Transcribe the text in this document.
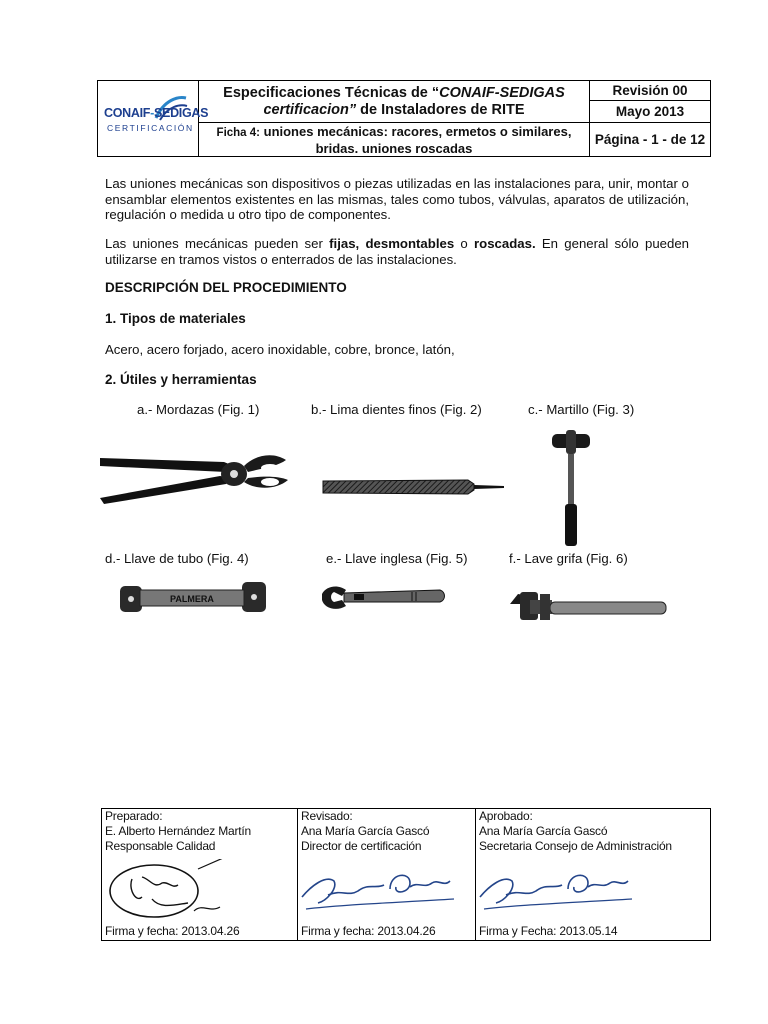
CONAIF-SEDIGAS
CERTIFICACIÓN	Especificaciones Técnicas de “CONAIF-SEDIGAS certificacion” de Instaladores de RITE	Revisión 00
		Mayo 2013
	Ficha 4: uniones mecánicas: racores, ermetos o similares, bridas. uniones roscadas	Página - 1 - de 12
Las uniones mecánicas son dispositivos o piezas utilizadas en las instalaciones para, unir, montar o ensamblar elementos existentes en las mismas, tales como tubos, válvulas, aparatos de utilización, regulación o medida u otro tipo de componentes.
Las uniones mecánicas pueden ser fijas, desmontables o roscadas. En general sólo pueden utilizarse en tramos vistos o enterrados de las instalaciones.
DESCRIPCIÓN DEL PROCEDIMIENTO
1. Tipos de materiales
Acero, acero forjado, acero inoxidable, cobre, bronce, latón,
2. Útiles y herramientas
a.- Mordazas (Fig. 1)	b.- Lima dientes finos (Fig. 2)	c.- Martillo (Fig. 3)
d.- Llave de tubo (Fig. 4)	e.- Llave inglesa (Fig. 5)	f.- Lave grifa (Fig. 6)
PALMERA
Preparado:
E. Alberto Hernández Martín
Responsable Calidad
Firma y fecha: 2013.04.26

Revisado:
Ana María García Gascó
Director de certificación
Firma y fecha: 2013.04.26

Aprobado:
Ana María García Gascó
Secretaria Consejo de Administración
Firma y Fecha: 2013.05.14
